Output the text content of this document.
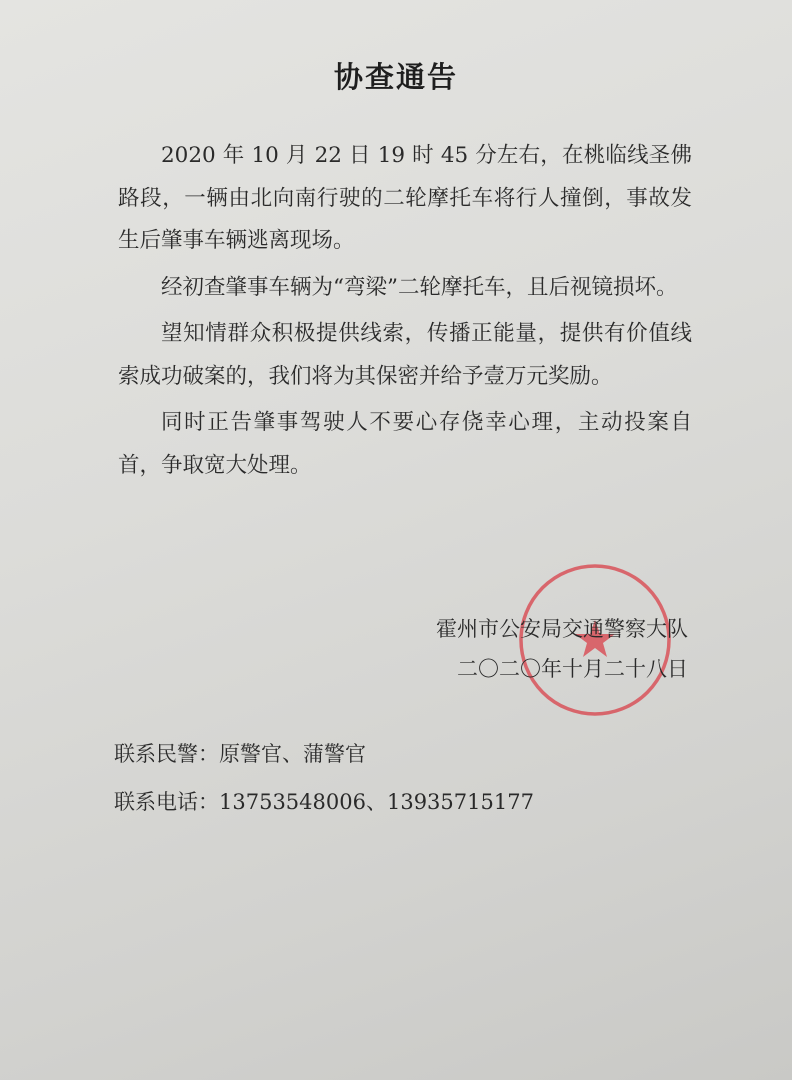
协查通告

2020 年 10 月 22 日 19 时 45 分左右，在桃临线圣佛路段，一辆由北向南行驶的二轮摩托车将行人撞倒，事故发生后肇事车辆逃离现场。

经初查肇事车辆为“弯梁”二轮摩托车，且后视镜损坏。

望知情群众积极提供线索，传播正能量，提供有价值线索成功破案的，我们将为其保密并给予壹万元奖励。

同时正告肇事驾驶人不要心存侥幸心理，主动投案自首，争取宽大处理。

霍州市公安局交通警察大队
二〇二〇年十月二十八日
联系民警：原警官、蒲警官
联系电话：13753548006、13935715177
